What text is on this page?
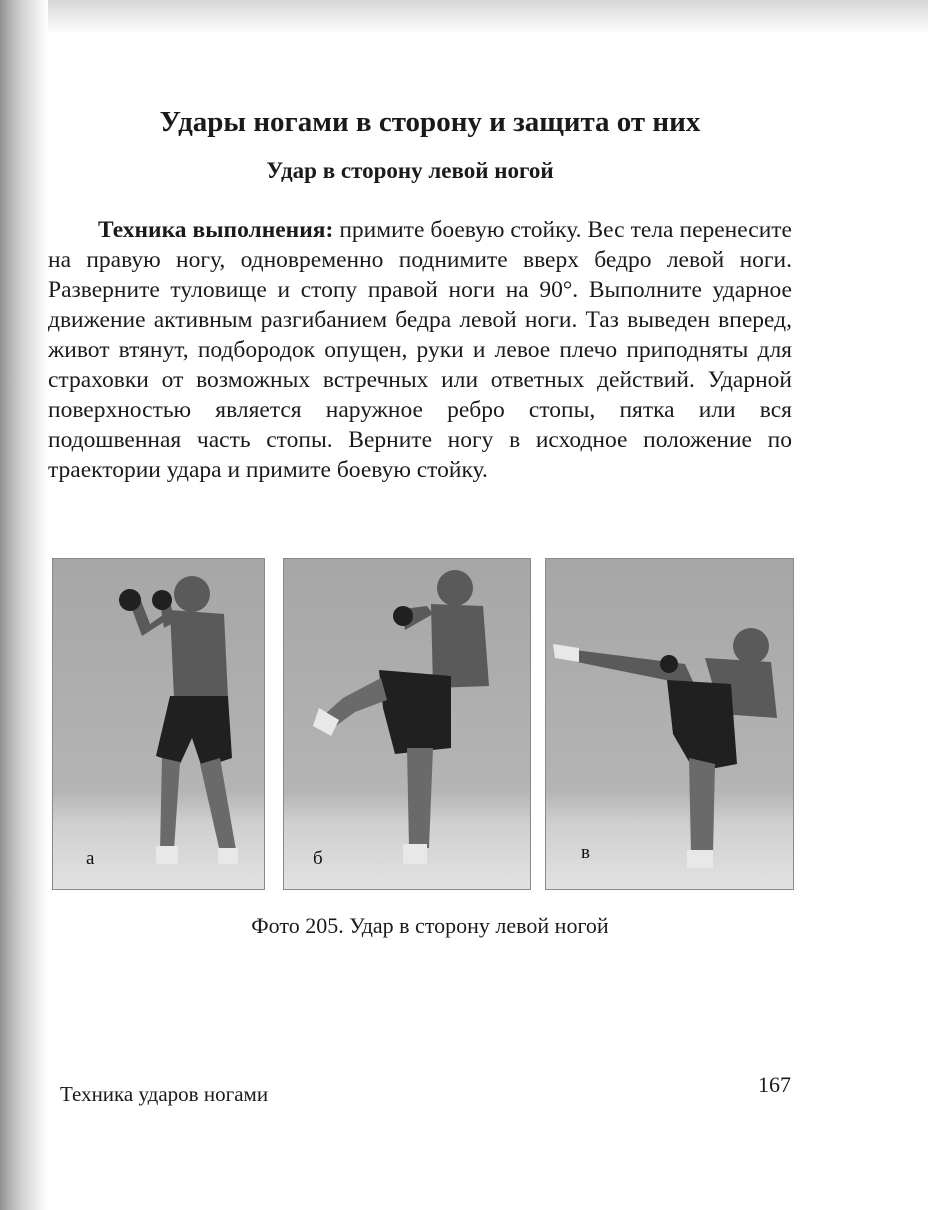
Удары ногами в сторону и защита от них
Удар в сторону левой ногой

Техника выполнения: примите боевую стойку. Вес тела перенесите на правую ногу, одновременно поднимите вверх бедро левой ноги. Разверните туловище и стопу правой ноги на 90°. Выполните ударное движение активным разгибанием бедра левой ноги. Таз выведен вперед, живот втянут, подбородок опущен, руки и левое плечо приподняты для страховки от возможных встречных или ответных действий. Ударной поверхностью является наружное ребро стопы, пятка или вся подошвенная часть стопы. Верните ногу в исходное положение по траектории удара и примите боевую стойку.

а	б	в

Фото 205. Удар в сторону левой ногой

Техника ударов ногами	167
